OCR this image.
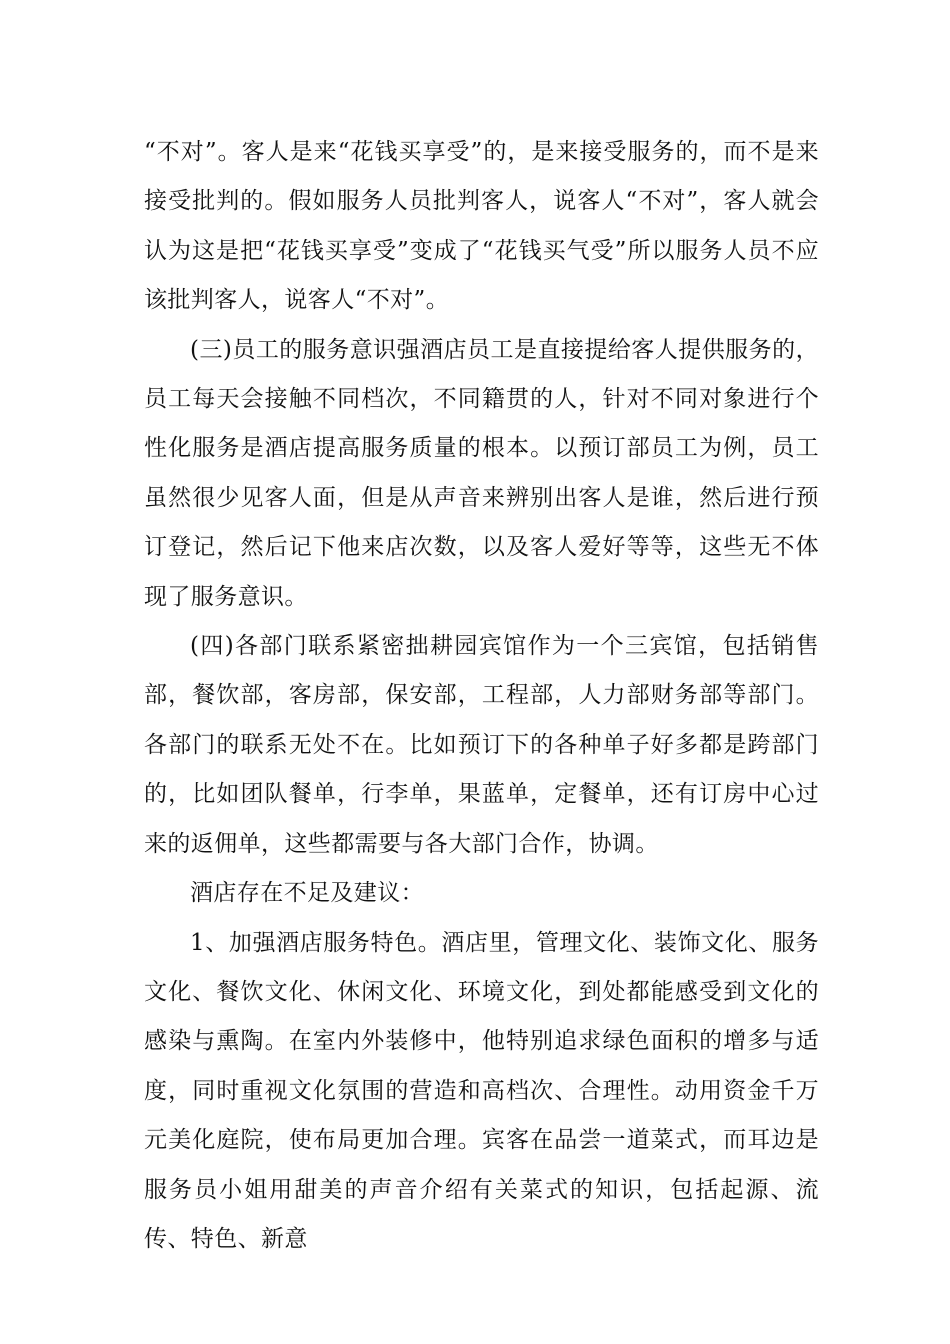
“不对”。客人是来“花钱买享受”的，是来接受服务的，而不是来接受批判的。假如服务人员批判客人，说客人“不对”，客人就会认为这是把“花钱买享受”变成了“花钱买气受”所以服务人员不应该批判客人，说客人“不对”。

(三)员工的服务意识强酒店员工是直接提给客人提供服务的，员工每天会接触不同档次，不同籍贯的人，针对不同对象进行个性化服务是酒店提高服务质量的根本。以预订部员工为例，员工虽然很少见客人面，但是从声音来辨别出客人是谁，然后进行预订登记，然后记下他来店次数，以及客人爱好等等，这些无不体现了服务意识。

(四)各部门联系紧密拙耕园宾馆作为一个三宾馆，包括销售部，餐饮部，客房部，保安部，工程部，人力部财务部等部门。各部门的联系无处不在。比如预订下的各种单子好多都是跨部门的，比如团队餐单，行李单，果蓝单，定餐单，还有订房中心过来的返佣单，这些都需要与各大部门合作，协调。

酒店存在不足及建议：

1、加强酒店服务特色。酒店里，管理文化、装饰文化、服务文化、餐饮文化、休闲文化、环境文化，到处都能感受到文化的感染与熏陶。在室内外装修中，他特别追求绿色面积的增多与适度，同时重视文化氛围的营造和高档次、合理性。动用资金千万元美化庭院，使布局更加合理。宾客在品尝一道菜式，而耳边是服务员小姐用甜美的声音介绍有关菜式的知识，包括起源、流传、特色、新意
